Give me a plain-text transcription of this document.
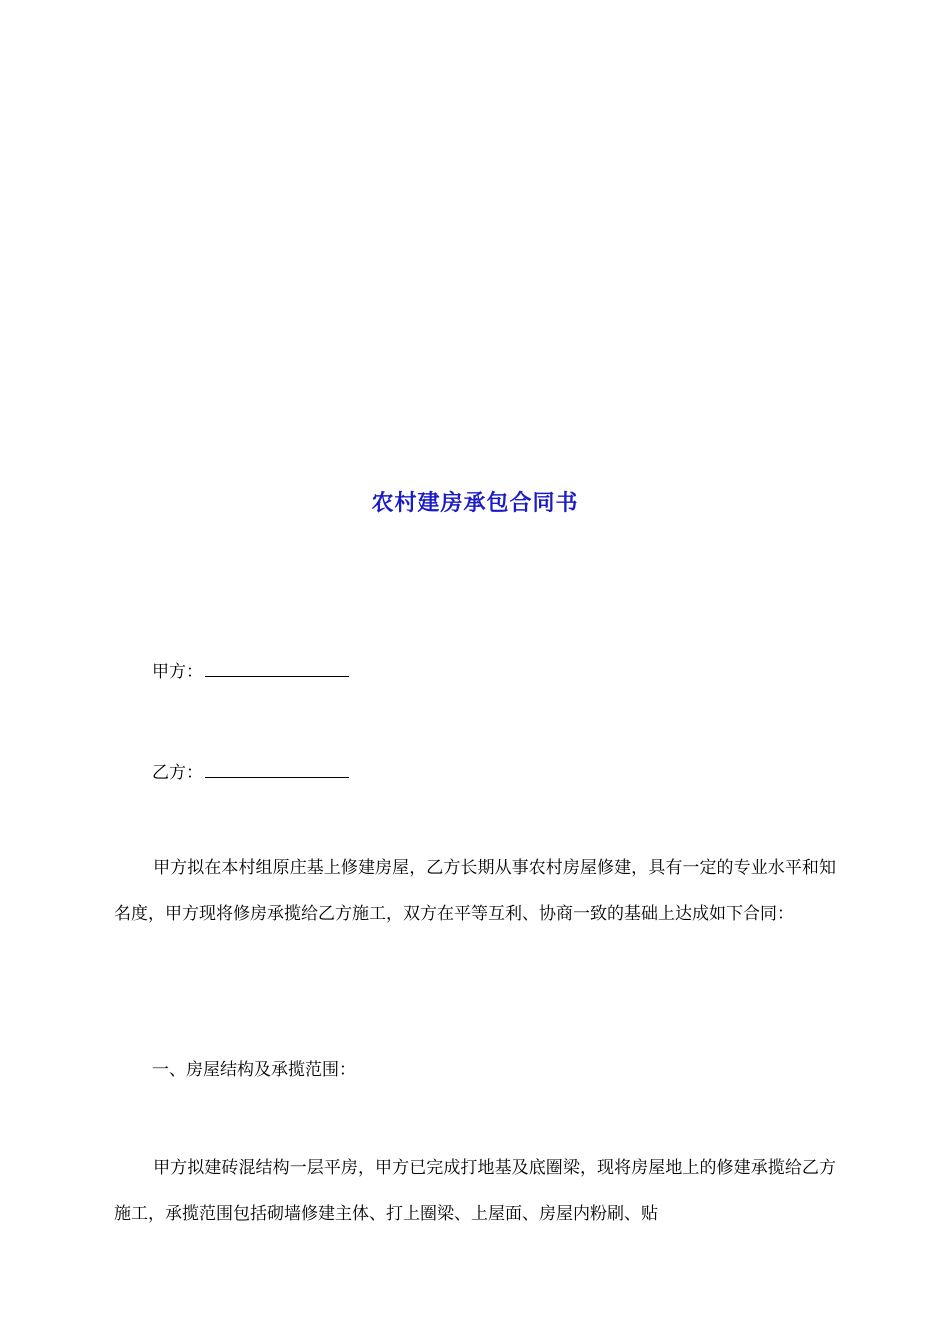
农村建房承包合同书
甲方：
乙方：

甲方拟在本村组原庄基上修建房屋，乙方长期从事农村房屋修建，具有一定的专业水平和知名度，甲方现将修房承揽给乙方施工，双方在平等互利、协商一致的基础上达成如下合同：

一、房屋结构及承揽范围：

甲方拟建砖混结构一层平房，甲方已完成打地基及底圈梁，现将房屋地上的修建承揽给乙方施工，承揽范围包括砌墙修建主体、打上圈梁、上屋面、房屋内粉刷、贴
